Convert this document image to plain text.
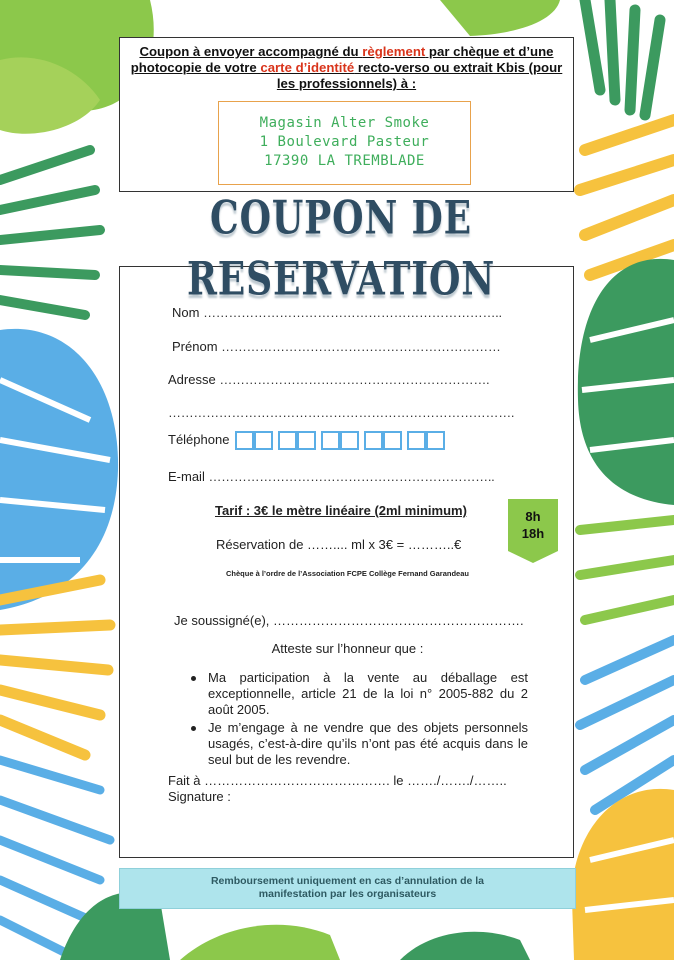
Coupon à envoyer accompagné du règlement par chèque et d’une photocopie de votre carte d’identité recto-verso ou extrait Kbis (pour les professionnels) à :
Magasin Alter Smoke
1 Boulevard Pasteur
17390 LA TREMBLADE
COUPON DE RESERVATION
Nom ……………………………………………………………..
Prénom …………………………………………………………
Adresse ……………………………………………………….
……………………………………………………………………….
Téléphone
E-mail …………………………………………………………..
Tarif : 3€ le mètre linéaire (2ml minimum)
Réservation de …….... ml x 3€ = ………..€
Chèque à l’ordre de l’Association FCPE Collège Fernand Garandeau
Je soussigné(e), ………………………………………………….
Atteste sur l’honneur que :
Ma participation à la vente au déballage est exceptionnelle, article 21 de la loi n° 2005-882 du 2 août 2005.
Je m’engage à ne vendre que des objets personnels usagés, c’est-à-dire qu’ils n’ont pas été acquis dans le seul but de les revendre.
Fait à ……………………………………. le ……./……./……..
Signature :
8h
18h
Remboursement uniquement en cas d’annulation de la
manifestation par les organisateurs
